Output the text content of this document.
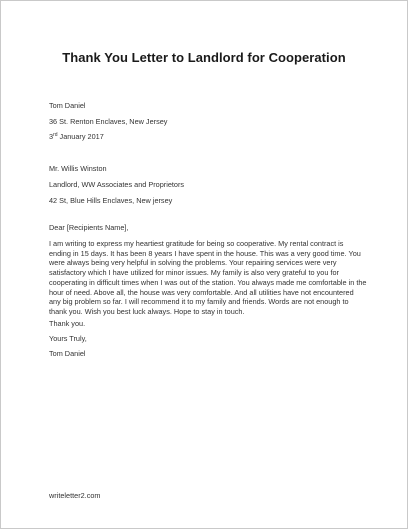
Thank You Letter to Landlord for Cooperation
Tom Daniel
36 St. Renton Enclaves, New Jersey
3rd January 2017
Mr. Willis Winston
Landlord, WW Associates and Proprietors
42 St, Blue Hills Enclaves, New jersey
Dear [Recipients Name],
I am writing to express my heartiest gratitude for being so cooperative. My rental contract is ending in 15 days. It has been 8 years I have spent in the house. This was a very good time. You were always being very helpful in solving the problems. Your repairing services were very satisfactory which I have utilized for minor issues. My family is also very grateful to you for cooperating in difficult times when I was out of the station. You always made me comfortable in the hour of need. Above all, the house was very comfortable. And all utilities have not encountered any big problem so far. I will recommend it to my family and friends. Words are not enough to thank you. Wish you best luck always. Hope to stay in touch.
Thank you.
Yours Truly,
Tom Daniel
writeletter2.com
